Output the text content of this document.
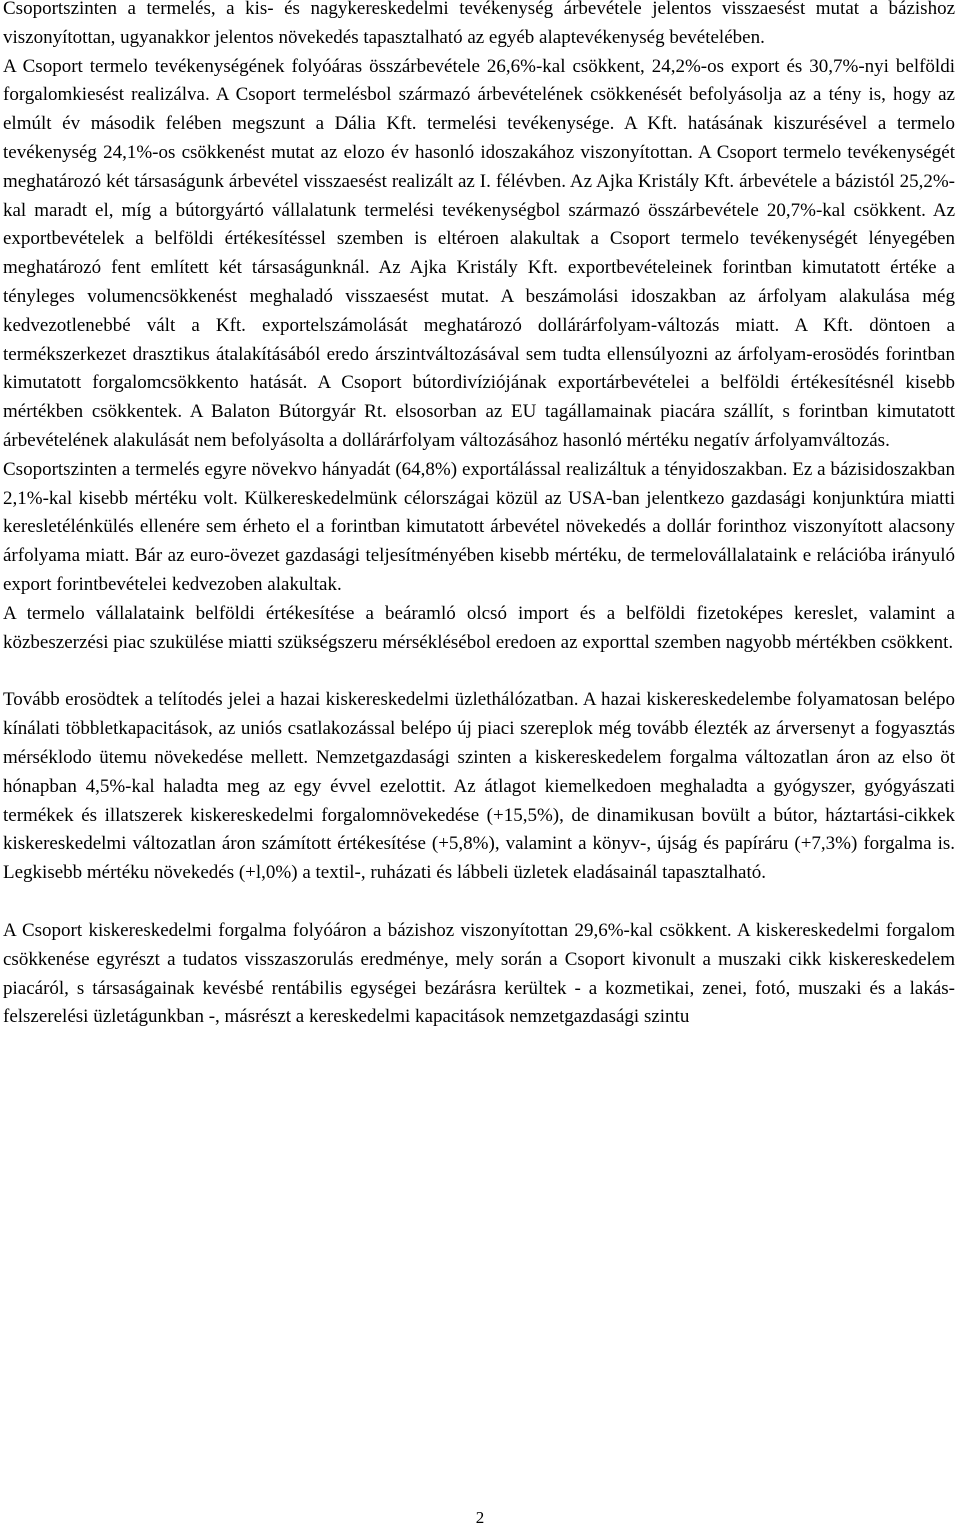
Csoportszinten a termelés, a kis- és nagykereskedelmi tevékenység árbevétele jelentos visszaesést mutat a bázishoz viszonyítottan, ugyanakkor jelentos növekedés tapasztalható az egyéb alaptevékenység bevételében.

A Csoport termelo tevékenységének folyóáras összárbevétele 26,6%-kal csökkent, 24,2%-os export és 30,7%-nyi belföldi forgalomkiesést realizálva. A Csoport termelésbol származó árbevételének csökkenését befolyásolja az a tény is, hogy az elmúlt év második felében megszunt a Dália Kft. termelési tevékenysége. A Kft. hatásának kiszurésével a termelo tevékenység 24,1%-os csökkenést mutat az elozo év hasonló idoszakához viszonyítottan. A Csoport termelo tevékenységét meghatározó két társaságunk árbevétel visszaesést realizált az I. félévben. Az Ajka Kristály Kft. árbevétele a bázistól 25,2%-kal maradt el, míg a bútorgyártó vállalatunk termelési tevékenységbol származó összárbevétele 20,7%-kal csökkent. Az exportbevételek a belföldi értékesítéssel szemben is eltéroen alakultak a Csoport termelo tevékenységét lényegében meghatározó fent említett két társaságunknál. Az Ajka Kristály Kft. exportbevételeinek forintban kimutatott értéke a tényleges volumencsökkenést meghaladó visszaesést mutat. A beszámolási idoszakban az árfolyam alakulása még kedvezotlenebbé vált a Kft. exportelszámolását meghatározó dollárárfolyam-változás miatt. A Kft. döntoen a termékszerkezet drasztikus átalakításából eredo árszintváltozásával sem tudta ellensúlyozni az árfolyam-erosödés forintban kimutatott forgalomcsökkento hatását. A Csoport bútordivíziójának exportárbevételei a belföldi értékesítésnél kisebb mértékben csökkentek. A Balaton Bútorgyár Rt. elsosorban az EU tagállamainak piacára szállít, s forintban kimutatott árbevételének alakulását nem befolyásolta a dollárárfolyam változásához hasonló mértéku negatív árfolyamváltozás.

Csoportszinten a termelés egyre növekvo hányadát (64,8%) exportálással realizáltuk a tényidoszakban. Ez a bázisidoszakban 2,1%-kal kisebb mértéku volt. Külkereskedelmünk célországai közül az USA-ban jelentkezo gazdasági konjunktúra miatti keresletélénkülés ellenére sem érheto el a forintban kimutatott árbevétel növekedés a dollár forinthoz viszonyított alacsony árfolyama miatt. Bár az euro-övezet gazdasági teljesítményében kisebb mértéku, de termelovállalataink e relációba irányuló export forintbevételei kedvezoben alakultak.

A termelo vállalataink belföldi értékesítése a beáramló olcsó import és a belföldi fizetoképes kereslet, valamint a közbeszerzési piac szukülése miatti szükségszeru mérséklésébol eredoen az exporttal szemben nagyobb mértékben csökkent.

Tovább erosödtek a telítodés jelei a hazai kiskereskedelmi üzlethálózatban. A hazai kiskereskedelembe folyamatosan belépo kínálati többletkapacitások, az uniós csatlakozással belépo új piaci szereplok még tovább élezték az árversenyt a fogyasztás mérséklodo ütemu növekedése mellett. Nemzetgazdasági szinten a kiskereskedelem forgalma változatlan áron az elso öt hónapban 4,5%-kal haladta meg az egy évvel ezelottit. Az átlagot kiemelkedoen meghaladta a gyógyszer, gyógyászati termékek és illatszerek kiskereskedelmi forgalomnövekedése (+15,5%), de dinamikusan bovült a bútor, háztartási-cikkek kiskereskedelmi változatlan áron számított értékesítése (+5,8%), valamint a könyv-, újság és papíráru (+7,3%) forgalma is. Legkisebb mértéku növekedés (+l,0%) a textil-, ruházati és lábbeli üzletek eladásainál tapasztalható.

A Csoport kiskereskedelmi forgalma folyóáron a bázishoz viszonyítottan 29,6%-kal csökkent. A kiskereskedelmi forgalom csökkenése egyrészt a tudatos visszaszorulás eredménye, mely során a Csoport kivonult a muszaki cikk kiskereskedelem piacáról, s társaságainak kevésbé rentábilis egységei bezárásra kerültek - a kozmetikai, zenei, fotó, muszaki és a lakás-felszerelési üzletágunkban -, másrészt a kereskedelmi kapacitások nemzetgazdasági szintu

2
